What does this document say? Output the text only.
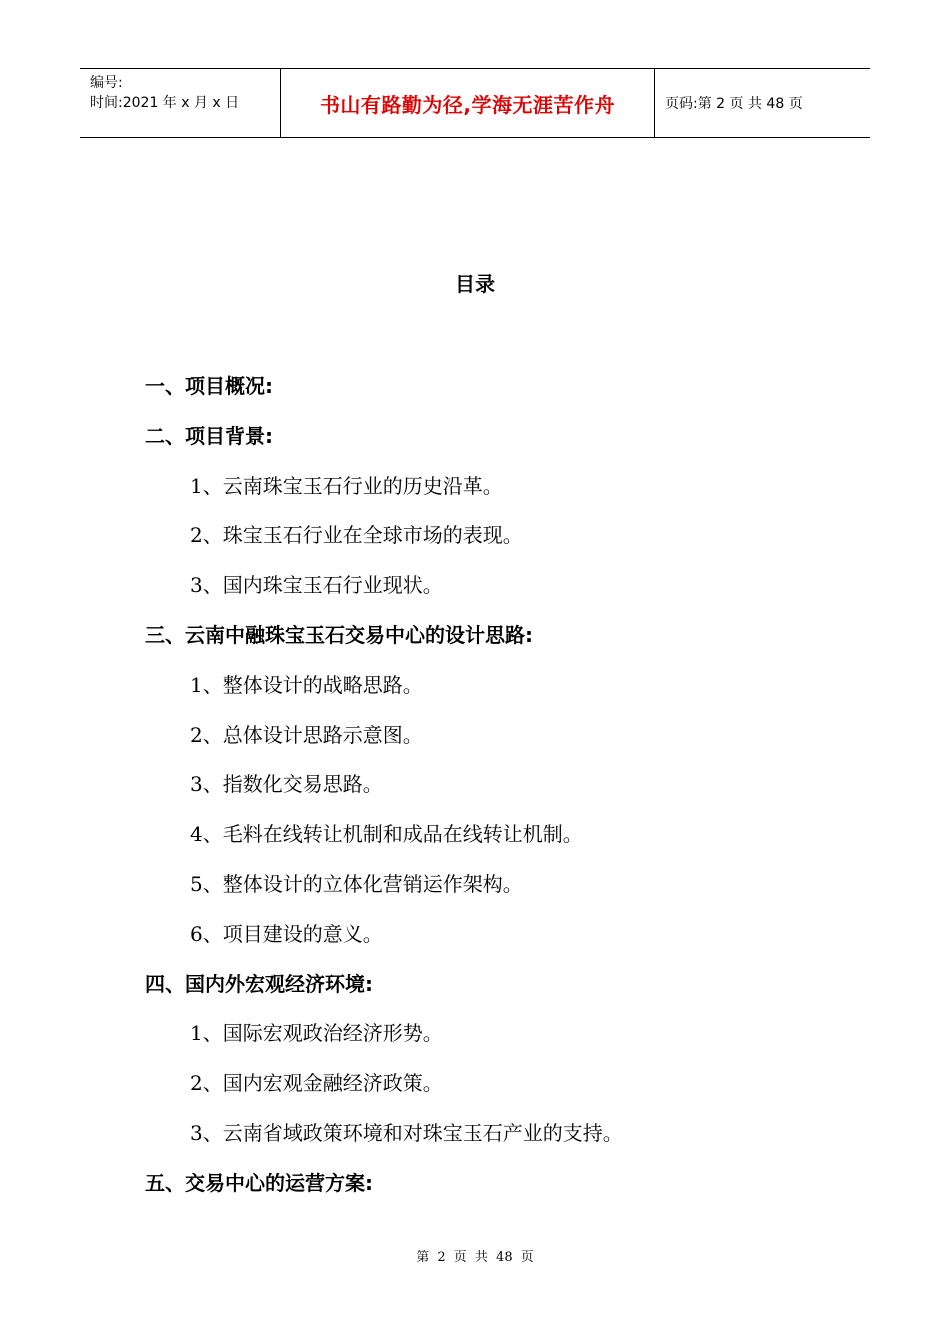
编号:
时间:2021 年 x 月 x 日	书山有路勤为径,学海无涯苦作舟	页码:第 2 页 共 48 页
目录
一、项目概况:
二、项目背景:
1、云南珠宝玉石行业的历史沿革。
2、珠宝玉石行业在全球市场的表现。
3、国内珠宝玉石行业现状。
三、云南中融珠宝玉石交易中心的设计思路:
1、整体设计的战略思路。
2、总体设计思路示意图。
3、指数化交易思路。
4、毛料在线转让机制和成品在线转让机制。
5、整体设计的立体化营销运作架构。
6、项目建设的意义。
四、国内外宏观经济环境:
1、国际宏观政治经济形势。
2、国内宏观金融经济政策。
3、云南省域政策环境和对珠宝玉石产业的支持。
五、交易中心的运营方案:
第 2 页 共 48 页
